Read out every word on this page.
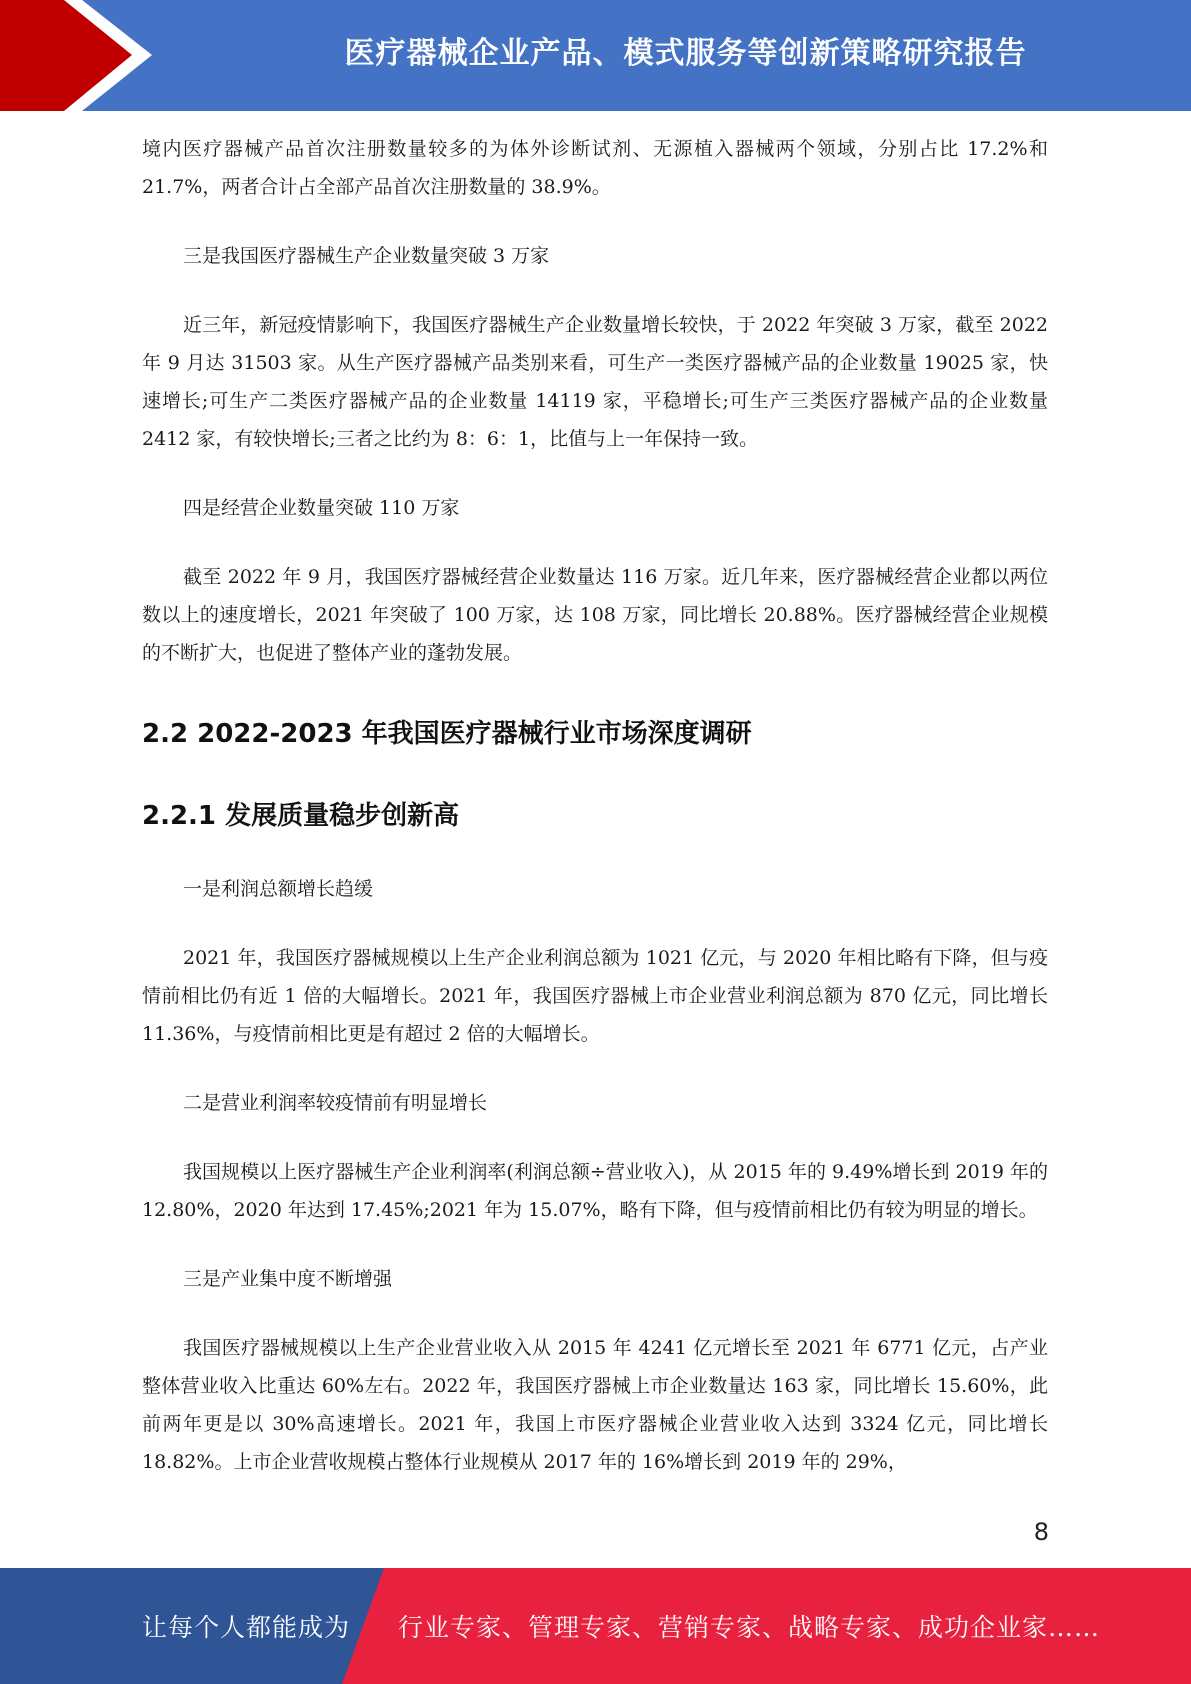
医疗器械企业产品、模式服务等创新策略研究报告

境内医疗器械产品首次注册数量较多的为体外诊断试剂、无源植入器械两个领域，分别占比 17.2%和 21.7%，两者合计占全部产品首次注册数量的 38.9%。

三是我国医疗器械生产企业数量突破 3 万家

近三年，新冠疫情影响下，我国医疗器械生产企业数量增长较快，于 2022 年突破 3 万家，截至 2022 年 9 月达 31503 家。从生产医疗器械产品类别来看，可生产一类医疗器械产品的企业数量 19025 家，快速增长;可生产二类医疗器械产品的企业数量 14119 家，平稳增长;可生产三类医疗器械产品的企业数量 2412 家，有较快增长;三者之比约为 8：6：1，比值与上一年保持一致。

四是经营企业数量突破 110 万家

截至 2022 年 9 月，我国医疗器械经营企业数量达 116 万家。近几年来，医疗器械经营企业都以两位数以上的速度增长，2021 年突破了 100 万家，达 108 万家，同比增长 20.88%。医疗器械经营企业规模的不断扩大，也促进了整体产业的蓬勃发展。

2.2 2022-2023 年我国医疗器械行业市场深度调研
2.2.1 发展质量稳步创新高

一是利润总额增长趋缓

2021 年，我国医疗器械规模以上生产企业利润总额为 1021 亿元，与 2020 年相比略有下降，但与疫情前相比仍有近 1 倍的大幅增长。2021 年，我国医疗器械上市企业营业利润总额为 870 亿元，同比增长 11.36%，与疫情前相比更是有超过 2 倍的大幅增长。

二是营业利润率较疫情前有明显增长

我国规模以上医疗器械生产企业利润率(利润总额÷营业收入)，从 2015 年的 9.49%增长到 2019 年的 12.80%，2020 年达到 17.45%;2021 年为 15.07%，略有下降，但与疫情前相比仍有较为明显的增长。

三是产业集中度不断增强

我国医疗器械规模以上生产企业营业收入从 2015 年 4241 亿元增长至 2021 年 6771 亿元，占产业整体营业收入比重达 60%左右。2022 年，我国医疗器械上市企业数量达 163 家，同比增长 15.60%，此前两年更是以 30%高速增长。2021 年，我国上市医疗器械企业营业收入达到 3324 亿元，同比增长 18.82%。上市企业营收规模占整体行业规模从 2017 年的 16%增长到 2019 年的 29%，

8
让每个人都能成为 行业专家、管理专家、营销专家、战略专家、成功企业家……
